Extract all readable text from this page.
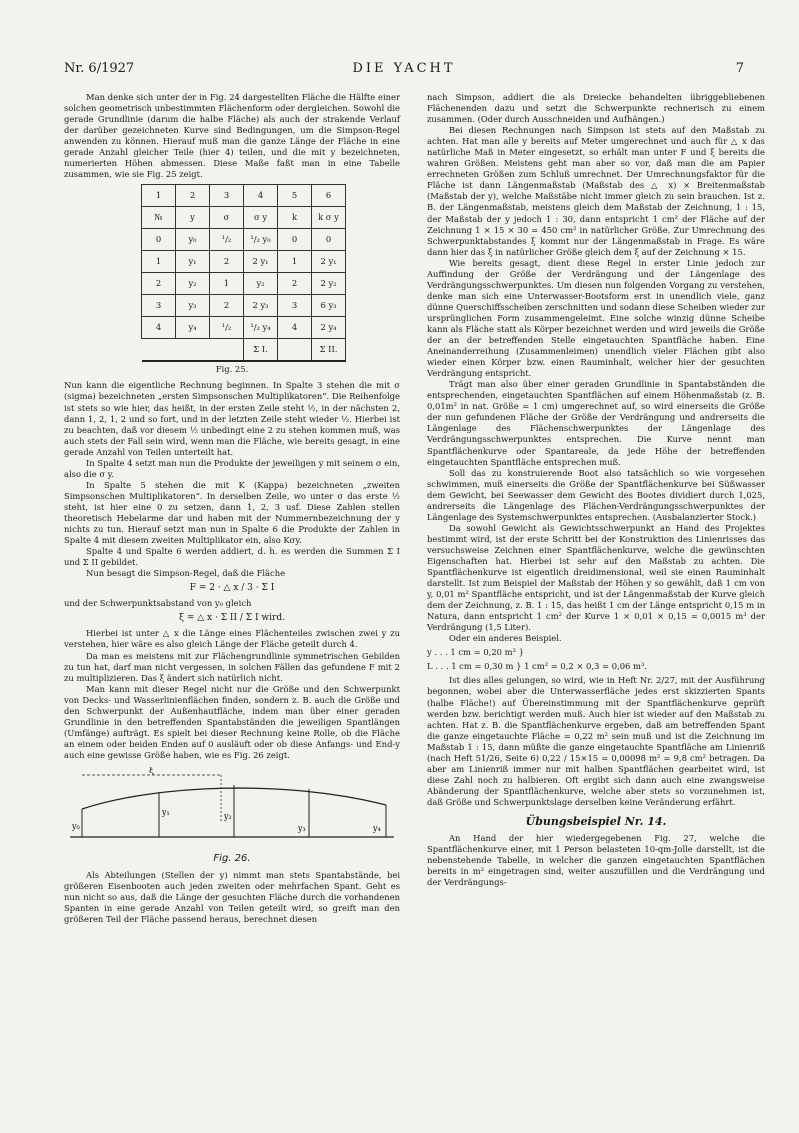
Nr. 6/1927	DIE YACHT	7

Man denke sich unter der in Fig. 24 dargestellten Fläche die Hälfte einer solchen geometrisch unbestimmten Flächenform oder dergleichen. Sowohl die gerade Grundlinie (darum die halbe Fläche) als auch der strakende Verlauf der darüber gezeichneten Kurve sind Bedingungen, um die Simpson-Regel anwenden zu können. Hierauf muß man die ganze Länge der Fläche in eine gerade Anzahl gleicher Teile (hier 4) teilen, und die mit y bezeichneten, numerierten Höhen abmessen. Diese Maße faßt man in eine Tabelle zusammen, wie sie Fig. 25 zeigt.

1	2	3	4	5	6
№	y	σ	σ y	k	k σ y
0	y₀	¹/₂	¹/₂ y₀	0	0
1	y₁	2	2 y₁	1	2 y₁
2	y₂	1	y₂	2	2 y₂
3	y₃	2	2 y₃	3	6 y₃
4	y₄	¹/₂	¹/₂ y₄	4	2 y₄
			Σ I.		Σ II.
Fig. 25.

Nun kann die eigentliche Rechnung beginnen. In Spalte 3 stehen die mit σ (sigma) bezeichneten „ersten Simpsonschen Multiplikatoren“. Die Reihenfolge ist stets so wie hier, das heißt, in der ersten Zeile steht ½, in der nächsten 2, dann 1, 2, 1, 2 und so fort, und in der letzten Zeile steht wieder ½. Hierbei ist zu beachten, daß vor diesem ½ unbedingt eine 2 zu stehen kommen muß, was auch stets der Fall sein wird, wenn man die Fläche, wie bereits gesagt, in eine gerade Anzahl von Teilen unterteilt hat.

In Spalte 4 setzt man nun die Produkte der jeweiligen y mit seinem σ ein, also die σ y.

In Spalte 5 stehen die mit K (Kappa) bezeichneten „zweiten Simpsonschen Multiplikatoren“. In derselben Zeile, wo unter σ das erste ½ steht, ist hier eine 0 zu setzen, dann 1, 2, 3 usf. Diese Zahlen stellen theoretisch Hebelarme dar und haben mit der Nummernbezeichnung der y nichts zu tun. Hierauf setzt man nun in Spalte 6 die Produkte der Zahlen in Spalte 4 mit diesem zweiten Multiplikator ein, also Kσy.

Spalte 4 und Spalte 6 werden addiert, d. h. es werden die Summen Σ I und Σ II gebildet.

Nun besagt die Simpson-Regel, daß die Fläche

F = 2 · △ x / 3 · Σ I

und der Schwerpunktsabstand von y₀ gleich

ξ = △ x · Σ II / Σ I wird.

Hierbei ist unter △ x die Länge eines Flächenteiles zwischen zwei y zu verstehen, hier wäre es also gleich Länge der Fläche geteilt durch 4.

Da man es meistens mit zur Flächengrundlinie symmetrischen Gebilden zu tun hat, darf man nicht vergessen, in solchen Fällen das gefundene F mit 2 zu multiplizieren. Das ξ ändert sich natürlich nicht.

Man kann mit dieser Regel nicht nur die Größe und den Schwerpunkt von Decks- und Wasserlinienflächen finden, sondern z. B. auch die Größe und den Schwerpunkt der Außenhautfläche, indem man über einer geraden Grundlinie in den betreffenden Spantabständen die jeweiligen Spantlängen (Umfänge) aufträgt. Es spielt bei dieser Rechnung keine Rolle, ob die Fläche an einem oder beiden Enden auf 0 ausläuft oder ob diese Anfangs- und End-y auch eine gewisse Größe haben, wie es Fig. 26 zeigt.

ξ
y₀
y₁	y₂
y₃	y₄
Fig. 26.

Als Abteilungen (Stellen der y) nimmt man stets Spantabstände, bei größeren Eisenbooten auch jeden zweiten oder mehrfachen Spant. Geht es nun nicht so aus, daß die Länge der gesuchten Fläche durch die vorhandenen Spanten in eine gerade Anzahl von Teilen geteilt wird, so greift man den größeren Teil der Fläche passend heraus, berechnet diesen

nach Simpson, addiert die als Dreiecke behandelten übriggebliebenen Flächenenden dazu und setzt die Schwerpunkte rechnerisch zu einem zusammen. (Oder durch Ausschneiden und Aufhängen.)

Bei diesen Rechnungen nach Simpson ist stets auf den Maßstab zu achten. Hat man alle y bereits auf Meter umgerechnet und auch für △ x das natürliche Maß in Meter eingesetzt, so erhält man unter F und ξ bereits die wahren Größen. Meistens geht man aber so vor, daß man die am Papier errechneten Größen zum Schluß umrechnet. Der Umrechnungsfaktor für die Fläche ist dann Längenmaßstab (Maßstab des △ x) × Breitenmaßstab (Maßstab der y), welche Maßstäbe nicht immer gleich zu sein brauchen. Ist z. B. der Längenmaßstab, meistens gleich dem Maßstab der Zeichnung, 1 : 15, der Maßstab der y jedoch 1 : 30, dann entspricht 1 cm² der Fläche auf der Zeichnung 1 × 15 × 30 = 450 cm² in natürlicher Größe. Zur Umrechnung des Schwerpunktabstandes ξ kommt nur der Längenmaßstab in Frage. Es wäre dann hier das ξ in natürlicher Größe gleich dem ξ auf der Zeichnung × 15.

Wie bereits gesagt, dient diese Regel in erster Linie jedoch zur Auffindung der Größe der Verdrängung und der Längenlage des Verdrängungsschwerpunktes. Um diesen nun folgenden Vorgang zu verstehen, denke man sich eine Unterwasser-Bootsform erst in unendlich viele, ganz dünne Querschiffsscheiben zerschnitten und sodann diese Scheiben wieder zur ursprünglichen Form zusammengeleimt. Eine solche winzig dünne Scheibe kann als Fläche statt als Körper bezeichnet werden und wird jeweils die Größe der an der betreffenden Stelle eingetauchten Spantfläche haben. Eine Aneinanderreihung (Zusammenleimen) unendlich vieler Flächen gibt also wieder einen Körper bzw. einen Rauminhalt, welcher hier der gesuchten Verdrängung entspricht.

Trägt man also über einer geraden Grundlinie in Spantabständen die entsprechenden, eingetauchten Spantflächen auf einem Höhenmaßstab (z. B. 0,01m² in nat. Größe = 1 cm) umgerechnet auf, so wird einerseits die Größe der nun gefundenen Fläche der Größe der Verdrängung und andrerseits die Längenlage des Flächenschwerpunktes der Längenlage des Verdrängungsschwerpunktes entsprechen. Die Kurve nennt man Spantflächenkurve oder Spantareale, da jede Höhe der betreffenden eingetauchten Spantfläche entsprechen muß.

Soll das zu konstruierende Boot also tatsächlich so wie vorgesehen schwimmen, muß einerseits die Größe der Spantflächenkurve bei Süßwasser dem Gewicht, bei Seewasser dem Gewicht des Bootes dividiert durch 1,025, andrerseits die Längenlage des Flächen-Verdrängungsschwerpunktes der Längenlage des Systemschwerpunktes entsprechen. (Ausbalanzierter Stock.)

Da sowohl Gewicht als Gewichtsschwerpunkt an Hand des Projektes bestimmt wird, ist der erste Schritt bei der Konstruktion des Linienrisses das versuchsweise Zeichnen einer Spantflächenkurve, welche die gewünschten Eigenschaften hat. Hierbei ist sehr auf den Maßstab zu achten. Die Spantflächenkurve ist eigentlich dreidimensional, weil sie einen Rauminhalt darstellt. Ist zum Beispiel der Maßstab der Höhen y so gewählt, daß 1 cm von y, 0,01 m² Spantfläche entspricht, und ist der Längenmaßstab der Kurve gleich dem der Zeichnung, z. B. 1 : 15, das heißt 1 cm der Länge entspricht 0,15 m in Natura, dann entspricht 1 cm² der Kurve 1 × 0,01 × 0,15 = 0,0015 m³ der Verdrängung (1,5 Liter).

Oder ein anderes Beispiel.

y . . . 1 cm = 0,20 m² }
L . . . 1 cm = 0,30 m } 1 cm² = 0,2 × 0,3 = 0,06 m³.

Ist dies alles gelungen, so wird, wie in Heft Nr. 2/27, mit der Ausführung begonnen, wobei aber die Unterwasserfläche jedes erst skizzierten Spants (halbe Fläche!) auf Übereinstimmung mit der Spantflächenkurve geprüft werden bzw. berichtigt werden muß. Auch hier ist wieder auf den Maßstab zu achten. Hat z. B. die Spantflächenkurve ergeben, daß am betreffenden Spant die ganze eingetauchte Fläche = 0,22 m² sein muß und ist die Zeichnung im Maßstab 1 : 15, dann müßte die ganze eingetauchte Spantfläche am Linienriß (nach Heft 51/26, Seite 6) 0,22 / 15×15 = 0,00098 m² = 9,8 cm² betragen. Da aber am Linienriß immer nur mit halben Spantflächen gearbeitet wird, ist diese Zahl noch zu halbieren. Oft ergibt sich dann auch eine zwangsweise Abänderung der Spantflächenkurve, welche aber stets so vorzunehmen ist, daß Größe und Schwerpunktslage derselben keine Veränderung erfährt.

Übungsbeispiel Nr. 14.

An Hand der hier wiedergegebenen Fig. 27, welche die Spantflächenkurve einer, mit 1 Person belasteten 10-qm-Jolle darstellt, ist die nebenstehende Tabelle, in welcher die ganzen eingetauchten Spantflächen bereits in m² eingetragen sind, weiter auszufüllen und die Verdrängung und der Verdrängungs-
